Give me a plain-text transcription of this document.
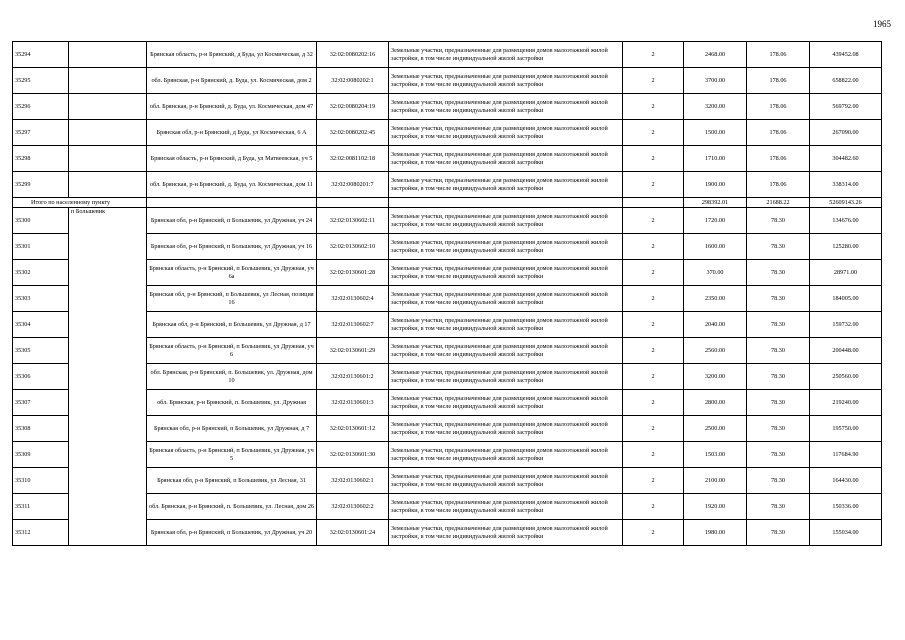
1965
35294		Брянская область, р-н Брянский, д Буда, ул Космическая, д 32	32:02:0080202:16	Земельные участки, предназначенные для размещения домов малоэтажной жилой застройки, в том числе индивидуальной жилой застройки	2	2468.00	178.06	439452.08
35295		обл. Брянская, р-н Брянский, д. Буда, ул. Космическая, дом 2	32:02:0080202:1	Земельные участки, предназначенные для размещения домов малоэтажной жилой застройки, в том числе индивидуальной жилой застройки	2	3700.00	178.06	658822.00
35296		обл. Брянская, р-н Брянский, д. Буда, ул. Космическая, дом 47	32:02:0080204:19	Земельные участки, предназначенные для размещения домов малоэтажной жилой застройки, в том числе индивидуальной жилой застройки	2	3200.00	178.06	569792.00
35297		Брянская обл, р-н Брянский, д Буда, ул Космическая, 6 А	32:02:0080202:45	Земельные участки, предназначенные для размещения домов малоэтажной жилой застройки, в том числе индивидуальной жилой застройки	2	1500.00	178.06	267090.00
35298		Брянская область, р-н Брянский, д Буда, ул Матвеевская, уч 5	32:02:0081102:18	Земельные участки, предназначенные для размещения домов малоэтажной жилой застройки, в том числе индивидуальной жилой застройки	2	1710.00	178.06	304482.60
35299		обл. Брянская, р-н Брянский, д. Буда, ул. Космическая, дом 11	32:02:0080201:7	Земельные участки, предназначенные для размещения домов малоэтажной жилой застройки, в том числе индивидуальной жилой застройки	2	1900.00	178.06	338314.00
Итого по населенному пункту						298392.01	21688.22	52609143.26
35300	п Большевик	Брянская обл, р-н Брянский, п Большевик, ул Дружная, уч 24	32:02:0130602:11	Земельные участки, предназначенные для размещения домов малоэтажной жилой застройки, в том числе индивидуальной жилой застройки	2	1720.00	78.30	134676.00
35301		Брянская обл, р-н Брянский, п Большевик, ул Дружная, уч 16	32:02:0130602:10	Земельные участки, предназначенные для размещения домов малоэтажной жилой застройки, в том числе индивидуальной жилой застройки	2	1600.00	78.30	125280.00
35302		Брянская область, р-н Брянский, п Большевик, ул Дружная, уч 6а	32:02:0130601:28	Земельные участки, предназначенные для размещения домов малоэтажной жилой застройки, в том числе индивидуальной жилой застройки	2	370.00	78.30	28971.00
35303		Брянская обл, р-н Брянский, п Большевик, ул Лесная, позиция 16	32:02:0130602:4	Земельные участки, предназначенные для размещения домов малоэтажной жилой застройки, в том числе индивидуальной жилой застройки	2	2350.00	78.30	184005.00
35304		Брянская обл, р-н Брянский, п Большевик, ул Дружная, д 17	32:02:0130602:7	Земельные участки, предназначенные для размещения домов малоэтажной жилой застройки, в том числе индивидуальной жилой застройки	2	2040.00	78.30	159732.00
35305		Брянская область, р-н Брянский, п Большевик, ул Дружная, уч 6	32:02:0130601:29	Земельные участки, предназначенные для размещения домов малоэтажной жилой застройки, в том числе индивидуальной жилой застройки	2	2560.00	78.30	200448.00
35306		обл. Брянская, р-н Брянский, п. Большевик, ул. Дружная, дом 10	32:02:0130601:2	Земельные участки, предназначенные для размещения домов малоэтажной жилой застройки, в том числе индивидуальной жилой застройки	2	3200.00	78.30	250560.00
35307		обл. Брянская, р-н Брянский, п. Большевик, ул. Дружная	32:02:0130601:3	Земельные участки, предназначенные для размещения домов малоэтажной жилой застройки, в том числе индивидуальной жилой застройки	2	2800.00	78.30	219240.00
35308		Брянская обл, р-н Брянский, п Большевик, ул Дружная, д 7	32:02:0130601:12	Земельные участки, предназначенные для размещения домов малоэтажной жилой застройки, в том числе индивидуальной жилой застройки	2	2500.00	78.30	195750.00
35309		Брянская область, р-н Брянский, п Большевик, ул Дружная, уч 5	32:02:0130601:30	Земельные участки, предназначенные для размещения домов малоэтажной жилой застройки, в том числе индивидуальной жилой застройки	2	1503.00	78.30	117684.90
35310		Брянская обл, р-н Брянский, п Большевик, ул Лесная, 31	32:02:0130602:1	Земельные участки, предназначенные для размещения домов малоэтажной жилой застройки, в том числе индивидуальной жилой застройки	2	2100.00	78.30	164430.00
35311		обл. Брянская, р-н Брянский, п. Большевик, ул. Лесная, дом 26	32:02:0130602:2	Земельные участки, предназначенные для размещения домов малоэтажной жилой застройки, в том числе индивидуальной жилой застройки	2	1920.00	78.30	150336.00
35312		Брянская обл, р-н Брянский, п Большевик, ул Дружная, уч 20	32:02:0130601:24	Земельные участки, предназначенные для размещения домов малоэтажной жилой застройки, в том числе индивидуальной жилой застройки	2	1980.00	78.30	155034.00
